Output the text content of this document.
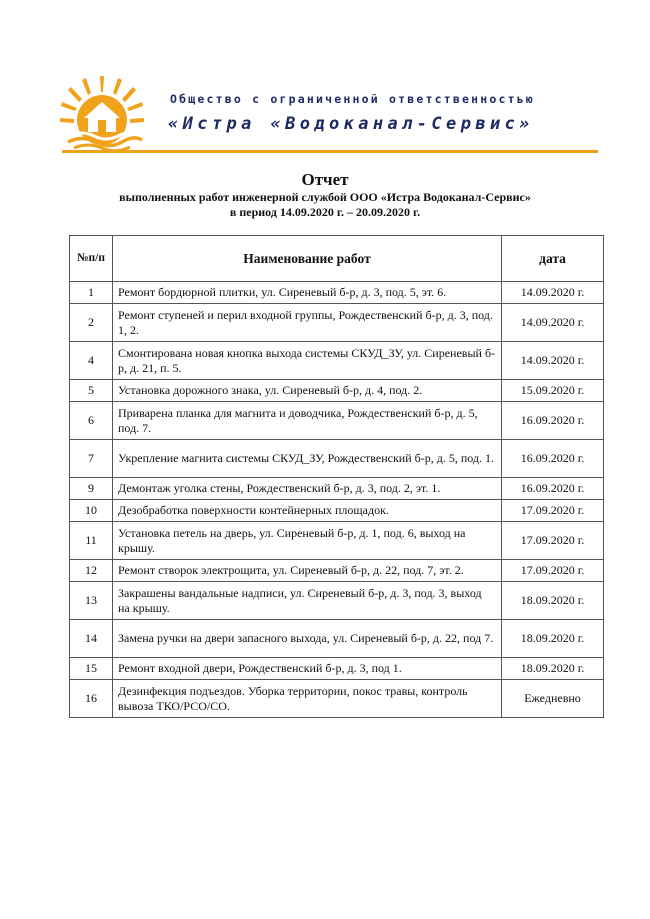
Общество с ограниченной ответственностью
«Истра «Водоканал-Сервис»
Отчет
выполненных работ инженерной службой ООО «Истра Водоканал-Сервис»
в период 14.09.2020 г. – 20.09.2020 г.
№п/п	Наименование работ	дата
1	Ремонт бордюрной плитки, ул. Сиреневый б-р, д. 3, под. 5, эт. 6.	14.09.2020 г.
2	Ремонт ступеней и перил входной группы, Рождественский б-р, д. 3, под. 1, 2.	14.09.2020 г.
4	Смонтирована новая кнопка выхода системы СКУД_ЗУ, ул. Сиреневый б-р, д. 21, п. 5.	14.09.2020 г.
5	Установка дорожного знака, ул. Сиреневый б-р, д. 4, под. 2.	15.09.2020 г.
6	Приварена планка для магнита и доводчика, Рождественский б-р, д. 5, под. 7.	16.09.2020 г.
7	Укрепление магнита системы СКУД_ЗУ, Рождественский б-р, д. 5, под. 1.	16.09.2020 г.
9	Демонтаж уголка стены, Рождественский б-р, д. 3, под. 2, эт. 1.	16.09.2020 г.
10	Дезобработка поверхности контейнерных площадок.	17.09.2020 г.
11	Установка петель на дверь, ул. Сиреневый б-р, д. 1, под. 6, выход на крышу.	17.09.2020 г.
12	Ремонт створок электрощита, ул. Сиреневый б-р, д. 22, под. 7, эт. 2.	17.09.2020 г.
13	Закрашены вандальные надписи, ул. Сиреневый б-р, д. 3, под. 3, выход на крышу.	18.09.2020 г.
14	Замена ручки на двери запасного выхода, ул. Сиреневый б-р, д. 22, под 7.	18.09.2020 г.
15	Ремонт входной двери, Рождественский б-р, д. 3, под 1.	18.09.2020 г.
16	Дезинфекция подъездов. Уборка территории, покос травы, контроль вывоза ТКО/РСО/СО.	Ежедневно
